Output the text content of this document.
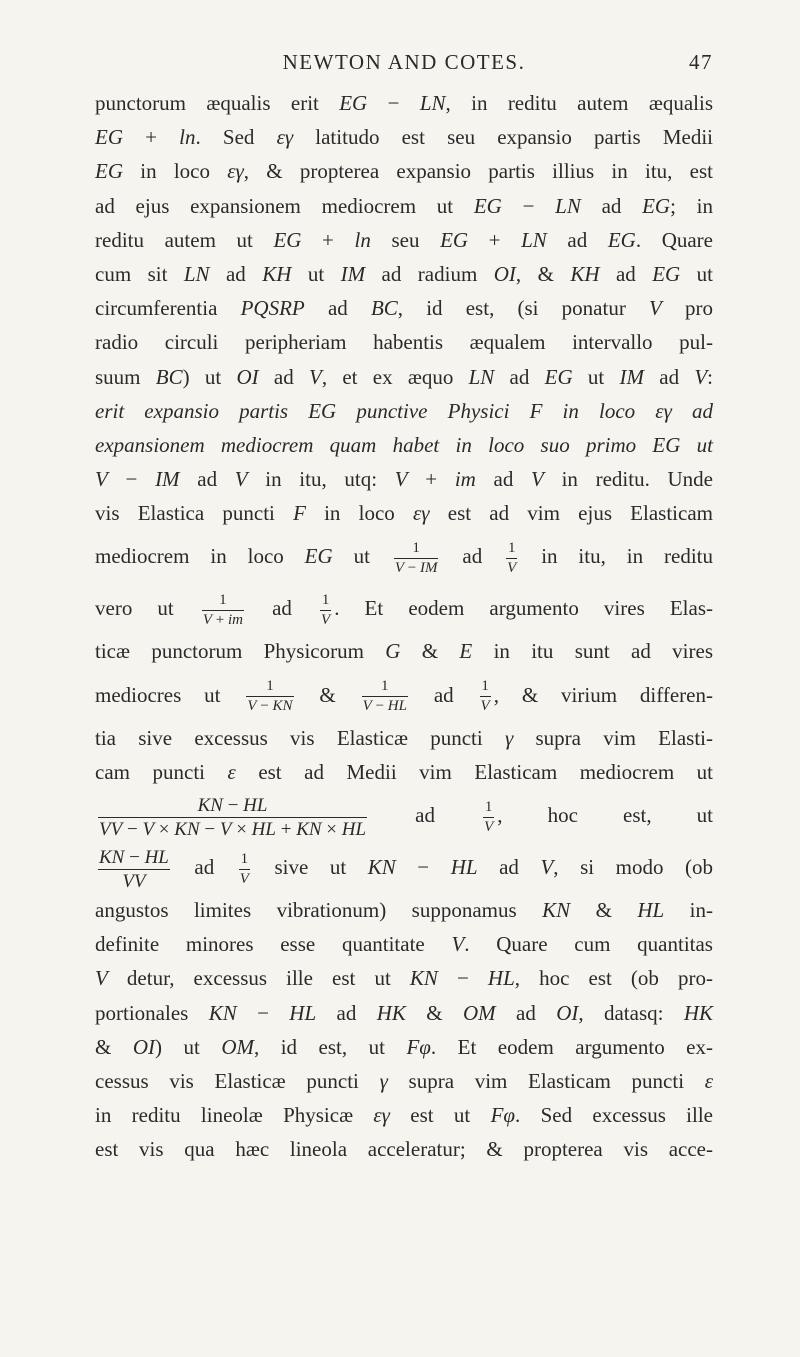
NEWTON AND COTES.	47
punctorum æqualis erit EG − LN, in reditu autem æqualis
EG + ln. Sed εγ latitudo est seu expansio partis Medii
EG in loco εγ, & propterea expansio partis illius in itu, est
ad ejus expansionem mediocrem ut EG − LN ad EG; in
reditu autem ut EG + ln seu EG + LN ad EG. Quare
cum sit LN ad KH ut IM ad radium OI, & KH ad EG ut
circumferentia PQSRP ad BC, id est, (si ponatur V pro
radio circuli peripheriam habentis æqualem intervallo pul-
suum BC) ut OI ad V, et ex æquo LN ad EG ut IM ad V:
erit expansio partis EG punctive Physici F in loco εγ ad
expansionem mediocrem quam habet in loco suo primo EG ut
V − IM ad V in itu, utq: V + im ad V in reditu. Unde
vis Elastica puncti F in loco εγ est ad vim ejus Elasticam
mediocrem in loco EG ut $\frac{1}{V - IM}$ ad $\frac{1}{V}$ in itu, in reditu
vero ut $\frac{1}{V + im}$ ad $\frac{1}{V}$ . Et eodem argumento vires Elas-
ticæ punctorum Physicorum G & E in itu sunt ad vires
mediocres ut $\frac{1}{V - KN}$ & $\frac{1}{V - HL}$ ad $\frac{1}{V}$ , & virium differen-
tia sive excessus vis Elasticæ puncti γ supra vim Elasti-
cam puncti ε est ad Medii vim Elasticam mediocrem ut
$\frac{KN - HL}{VV - V \times KN - V \times HL + KN \times HL}$ ad $\frac{1}{V}$ , hoc est, ut
$\frac{KN - HL}{VV}$ ad $\frac{1}{V}$ sive ut KN − HL ad V, si modo (ob
angustos limites vibrationum) supponamus KN & HL in-
definite minores esse quantitate V. Quare cum quantitas
V detur, excessus ille est ut KN − HL, hoc est (ob pro-
portionales KN − HL ad HK & OM ad OI, datasq: HK
& OI) ut OM, id est, ut Fφ. Et eodem argumento ex-
cessus vis Elasticæ puncti γ supra vim Elasticam puncti ε
in reditu lineolæ Physicæ εγ est ut Fφ. Sed excessus ille
est vis qua hæc lineola acceleratur; & propterea vis acce-
